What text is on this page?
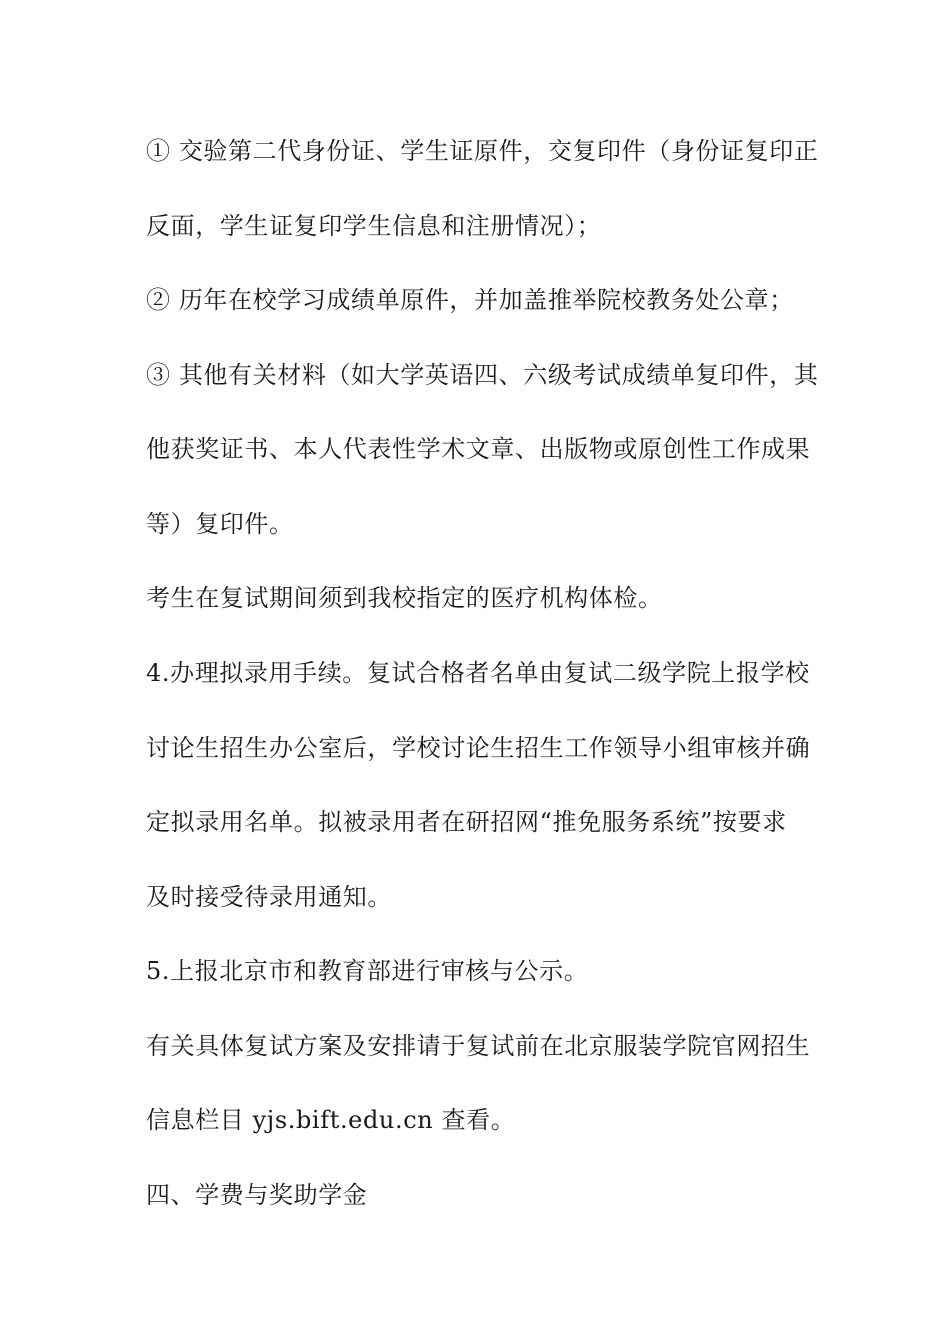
① 交验第二代身份证、学生证原件，交复印件（身份证复印正
反面，学生证复印学生信息和注册情况）；
② 历年在校学习成绩单原件，并加盖推举院校教务处公章；
③ 其他有关材料（如大学英语四、六级考试成绩单复印件，其
他获奖证书、本人代表性学术文章、出版物或原创性工作成果
等）复印件。
考生在复试期间须到我校指定的医疗机构体检。
4.办理拟录用手续。复试合格者名单由复试二级学院上报学校
讨论生招生办公室后，学校讨论生招生工作领导小组审核并确
定拟录用名单。拟被录用者在研招网“推免服务系统”按要求
及时接受待录用通知。
5.上报北京市和教育部进行审核与公示。
有关具体复试方案及安排请于复试前在北京服装学院官网招生
信息栏目 yjs.bift.edu.cn 查看。
四、学费与奖助学金
